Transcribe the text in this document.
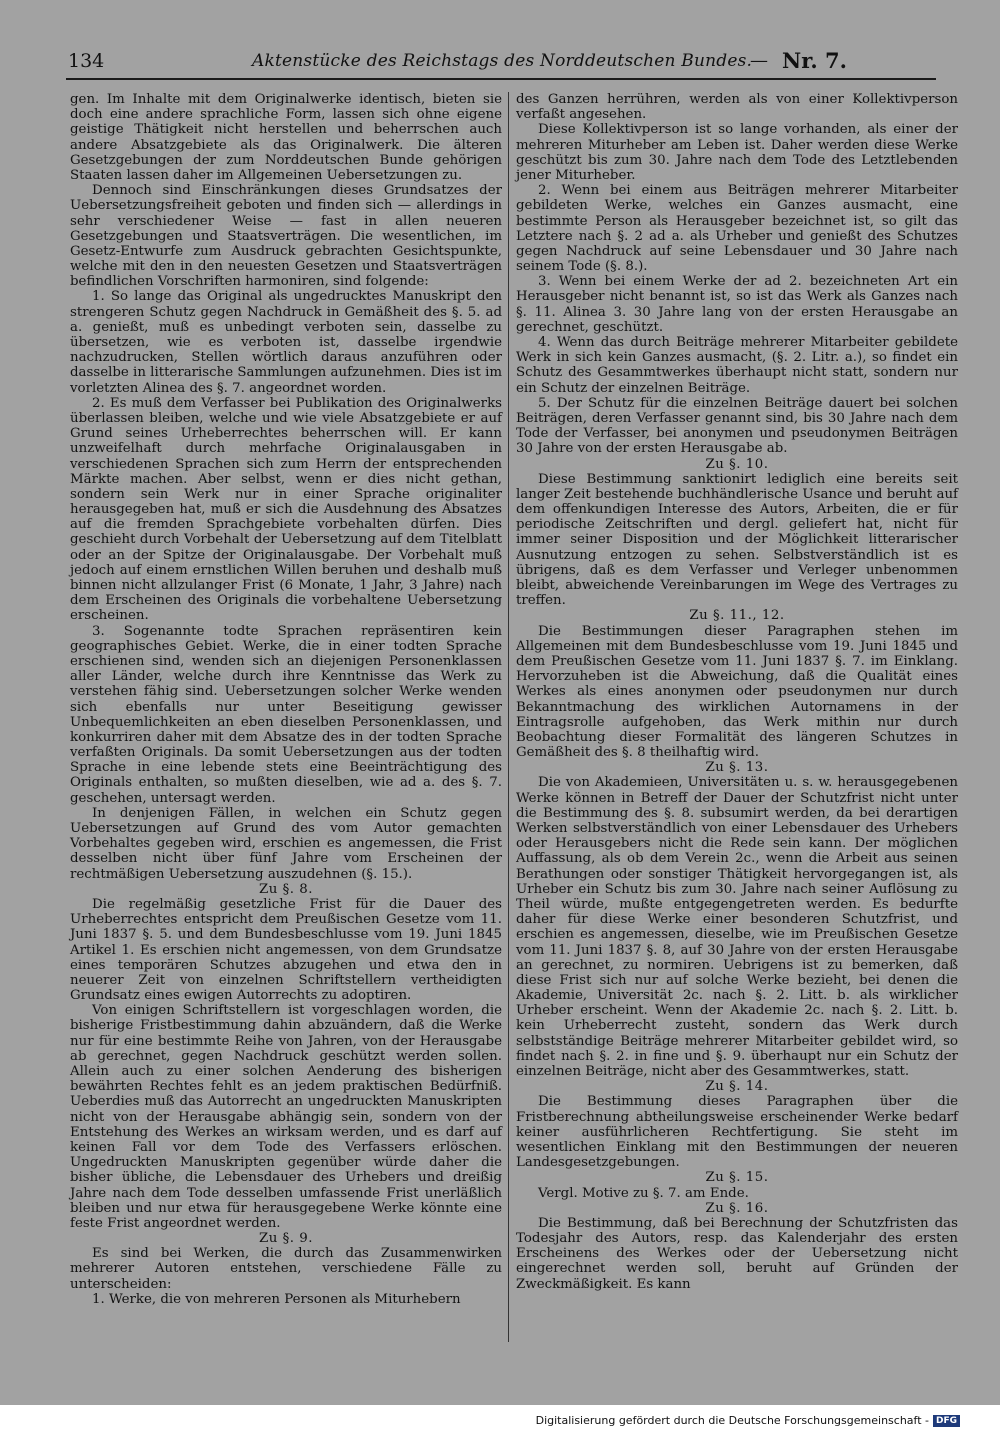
134	Aktenstücke des Reichstags des Norddeutschen Bundes.
— Nr. 7.

gen. Im Inhalte mit dem Originalwerke identisch, bieten sie doch eine andere sprachliche Form, lassen sich ohne eigene geistige Thätigkeit nicht herstellen und beherrschen auch andere Absatzgebiete als das Originalwerk. Die älteren Gesetzgebungen der zum Norddeutschen Bunde gehörigen Staaten lassen daher im Allgemeinen Uebersetzungen zu.

Dennoch sind Einschränkungen dieses Grundsatzes der Uebersetzungsfreiheit geboten und finden sich — allerdings in sehr verschiedener Weise — fast in allen neueren Gesetzgebungen und Staatsverträgen. Die wesentlichen, im Gesetz-Entwurfe zum Ausdruck gebrachten Gesichtspunkte, welche mit den in den neuesten Gesetzen und Staatsverträgen befindlichen Vorschriften harmoniren, sind folgende:

1. So lange das Original als ungedrucktes Manuskript den strengeren Schutz gegen Nachdruck in Gemäßheit des §. 5. ad a. genießt, muß es unbedingt verboten sein, dasselbe zu übersetzen, wie es verboten ist, dasselbe irgendwie nachzudrucken, Stellen wörtlich daraus anzuführen oder dasselbe in litterarische Sammlungen aufzunehmen. Dies ist im vorletzten Alinea des §. 7. angeordnet worden.

2. Es muß dem Verfasser bei Publikation des Originalwerks überlassen bleiben, welche und wie viele Absatzgebiete er auf Grund seines Urheberrechtes beherrschen will. Er kann unzweifelhaft durch mehrfache Originalausgaben in verschiedenen Sprachen sich zum Herrn der entsprechenden Märkte machen. Aber selbst, wenn er dies nicht gethan, sondern sein Werk nur in einer Sprache originaliter herausgegeben hat, muß er sich die Ausdehnung des Absatzes auf die fremden Sprachgebiete vorbehalten dürfen. Dies geschieht durch Vorbehalt der Uebersetzung auf dem Titelblatt oder an der Spitze der Originalausgabe. Der Vorbehalt muß jedoch auf einem ernstlichen Willen beruhen und deshalb muß binnen nicht allzulanger Frist (6 Monate, 1 Jahr, 3 Jahre) nach dem Erscheinen des Originals die vorbehaltene Uebersetzung erscheinen.

3. Sogenannte todte Sprachen repräsentiren kein geographisches Gebiet. Werke, die in einer todten Sprache erschienen sind, wenden sich an diejenigen Personenklassen aller Länder, welche durch ihre Kenntnisse das Werk zu verstehen fähig sind. Uebersetzungen solcher Werke wenden sich ebenfalls nur unter Beseitigung gewisser Unbequemlichkeiten an eben dieselben Personenklassen, und konkurriren daher mit dem Absatze des in der todten Sprache verfaßten Originals. Da somit Uebersetzungen aus der todten Sprache in eine lebende stets eine Beeinträchtigung des Originals enthalten, so mußten dieselben, wie ad a. des §. 7. geschehen, untersagt werden.

In denjenigen Fällen, in welchen ein Schutz gegen Uebersetzungen auf Grund des vom Autor gemachten Vorbehaltes gegeben wird, erschien es angemessen, die Frist desselben nicht über fünf Jahre vom Erscheinen der rechtmäßigen Uebersetzung auszudehnen (§. 15.).

Zu §. 8.

Die regelmäßig gesetzliche Frist für die Dauer des Urheberrechtes entspricht dem Preußischen Gesetze vom 11. Juni 1837 §. 5. und dem Bundesbeschlusse vom 19. Juni 1845 Artikel 1. Es erschien nicht angemessen, von dem Grundsatze eines temporären Schutzes abzugehen und etwa den in neuerer Zeit von einzelnen Schriftstellern vertheidigten Grundsatz eines ewigen Autorrechts zu adoptiren.

Von einigen Schriftstellern ist vorgeschlagen worden, die bisherige Fristbestimmung dahin abzuändern, daß die Werke nur für eine bestimmte Reihe von Jahren, von der Herausgabe ab gerechnet, gegen Nachdruck geschützt werden sollen. Allein auch zu einer solchen Aenderung des bisherigen bewährten Rechtes fehlt es an jedem praktischen Bedürfniß. Ueberdies muß das Autorrecht an ungedruckten Manuskripten nicht von der Herausgabe abhängig sein, sondern von der Entstehung des Werkes an wirksam werden, und es darf auf keinen Fall vor dem Tode des Verfassers erlöschen. Ungedruckten Manuskripten gegenüber würde daher die bisher übliche, die Lebensdauer des Urhebers und dreißig Jahre nach dem Tode desselben umfassende Frist unerläßlich bleiben und nur etwa für herausgegebene Werke könnte eine feste Frist angeordnet werden.

Zu §. 9.

Es sind bei Werken, die durch das Zusammenwirken mehrerer Autoren entstehen, verschiedene Fälle zu unterscheiden:

1. Werke, die von mehreren Personen als Miturhebern

des Ganzen herrühren, werden als von einer Kollektivperson verfaßt angesehen.

Diese Kollektivperson ist so lange vorhanden, als einer der mehreren Miturheber am Leben ist. Daher werden diese Werke geschützt bis zum 30. Jahre nach dem Tode des Letztlebenden jener Miturheber.

2. Wenn bei einem aus Beiträgen mehrerer Mitarbeiter gebildeten Werke, welches ein Ganzes ausmacht, eine bestimmte Person als Herausgeber bezeichnet ist, so gilt das Letztere nach §. 2 ad a. als Urheber und genießt des Schutzes gegen Nachdruck auf seine Lebensdauer und 30 Jahre nach seinem Tode (§. 8.).

3. Wenn bei einem Werke der ad 2. bezeichneten Art ein Herausgeber nicht benannt ist, so ist das Werk als Ganzes nach §. 11. Alinea 3. 30 Jahre lang von der ersten Herausgabe an gerechnet, geschützt.

4. Wenn das durch Beiträge mehrerer Mitarbeiter gebildete Werk in sich kein Ganzes ausmacht, (§. 2. Litr. a.), so findet ein Schutz des Gesammtwerkes überhaupt nicht statt, sondern nur ein Schutz der einzelnen Beiträge.

5. Der Schutz für die einzelnen Beiträge dauert bei solchen Beiträgen, deren Verfasser genannt sind, bis 30 Jahre nach dem Tode der Verfasser, bei anonymen und pseudonymen Beiträgen 30 Jahre von der ersten Herausgabe ab.

Zu §. 10.

Diese Bestimmung sanktionirt lediglich eine bereits seit langer Zeit bestehende buchhändlerische Usance und beruht auf dem offenkundigen Interesse des Autors, Arbeiten, die er für periodische Zeitschriften und dergl. geliefert hat, nicht für immer seiner Disposition und der Möglichkeit litterarischer Ausnutzung entzogen zu sehen. Selbstverständlich ist es übrigens, daß es dem Verfasser und Verleger unbenommen bleibt, abweichende Vereinbarungen im Wege des Vertrages zu treffen.

Zu §. 11., 12.

Die Bestimmungen dieser Paragraphen stehen im Allgemeinen mit dem Bundesbeschlusse vom 19. Juni 1845 und dem Preußischen Gesetze vom 11. Juni 1837 §. 7. im Einklang. Hervorzuheben ist die Abweichung, daß die Qualität eines Werkes als eines anonymen oder pseudonymen nur durch Bekanntmachung des wirklichen Autornamens in der Eintragsrolle aufgehoben, das Werk mithin nur durch Beobachtung dieser Formalität des längeren Schutzes in Gemäßheit des §. 8 theilhaftig wird.

Zu §. 13.

Die von Akademieen, Universitäten u. s. w. herausgegebenen Werke können in Betreff der Dauer der Schutzfrist nicht unter die Bestimmung des §. 8. subsumirt werden, da bei derartigen Werken selbstverständlich von einer Lebensdauer des Urhebers oder Herausgebers nicht die Rede sein kann. Der möglichen Auffassung, als ob dem Verein 2c., wenn die Arbeit aus seinen Berathungen oder sonstiger Thätigkeit hervorgegangen ist, als Urheber ein Schutz bis zum 30. Jahre nach seiner Auflösung zu Theil würde, mußte entgegengetreten werden. Es bedurfte daher für diese Werke einer besonderen Schutzfrist, und erschien es angemessen, dieselbe, wie im Preußischen Gesetze vom 11. Juni 1837 §. 8, auf 30 Jahre von der ersten Herausgabe an gerechnet, zu normiren. Uebrigens ist zu bemerken, daß diese Frist sich nur auf solche Werke bezieht, bei denen die Akademie, Universität 2c. nach §. 2. Litt. b. als wirklicher Urheber erscheint. Wenn der Akademie 2c. nach §. 2. Litt. b. kein Urheberrecht zusteht, sondern das Werk durch selbstständige Beiträge mehrerer Mitarbeiter gebildet wird, so findet nach §. 2. in fine und §. 9. überhaupt nur ein Schutz der einzelnen Beiträge, nicht aber des Gesammtwerkes, statt.

Zu §. 14.

Die Bestimmung dieses Paragraphen über die Fristberechnung abtheilungsweise erscheinender Werke bedarf keiner ausführlicheren Rechtfertigung. Sie steht im wesentlichen Einklang mit den Bestimmungen der neueren Landesgesetzgebungen.

Zu §. 15.

Vergl. Motive zu §. 7. am Ende.

Zu §. 16.

Die Bestimmung, daß bei Berechnung der Schutzfristen das Todesjahr des Autors, resp. das Kalenderjahr des ersten Erscheinens des Werkes oder der Uebersetzung nicht eingerechnet werden soll, beruht auf Gründen der Zweckmäßigkeit. Es kann

Digitalisierung gefördert durch die Deutsche Forschungsgemeinschaft - DFG
